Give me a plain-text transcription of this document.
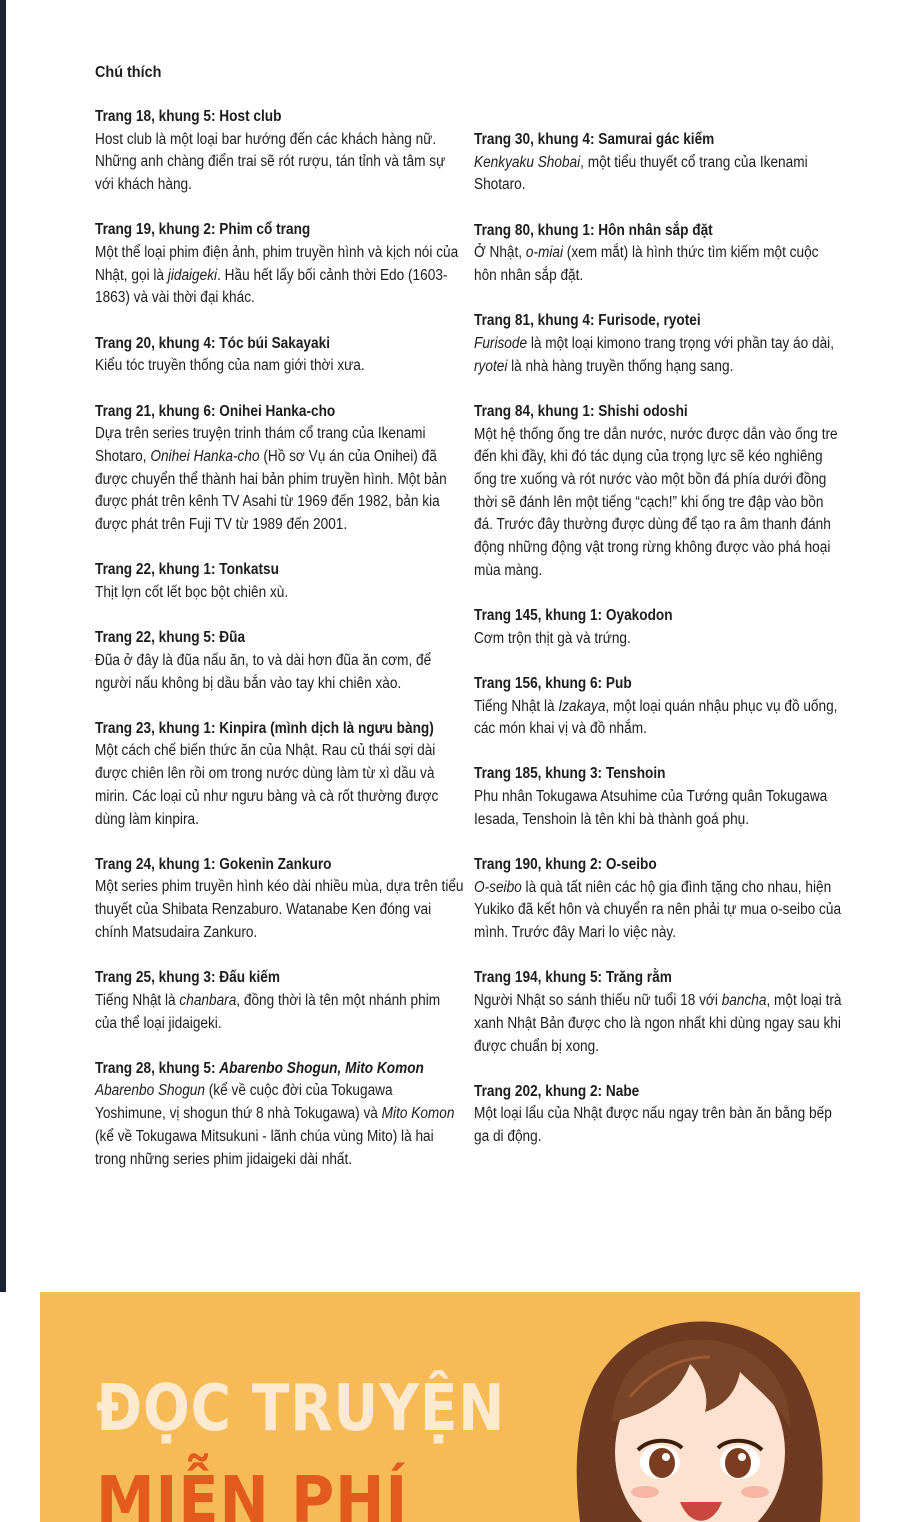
Chú thích
Trang 18, khung 5: Host club
Host club là một loại bar hướng đến các khách hàng nữ. Những anh chàng điển trai sẽ rót rượu, tán tỉnh và tâm sự với khách hàng.
Trang 19, khung 2: Phim cổ trang
Một thể loại phim điện ảnh, phim truyền hình và kịch nói của Nhật, gọi là jidaigeki. Hầu hết lấy bối cảnh thời Edo (1603-1863) và vài thời đại khác.
Trang 20, khung 4: Tóc búi Sakayaki
Kiểu tóc truyền thống của nam giới thời xưa.
Trang 21, khung 6: Onihei Hanka-cho
Dựa trên series truyện trinh thám cổ trang của Ikenami Shotaro, Onihei Hanka-cho (Hồ sơ Vụ án của Onihei) đã được chuyển thể thành hai bản phim truyền hình. Một bản được phát trên kênh TV Asahi từ 1969 đến 1982, bản kia được phát trên Fuji TV từ 1989 đến 2001.
Trang 22, khung 1: Tonkatsu
Thịt lợn cốt lết bọc bột chiên xù.
Trang 22, khung 5: Đũa
Đũa ở đây là đũa nấu ăn, to và dài hơn đũa ăn cơm, để người nấu không bị dầu bắn vào tay khi chiên xào.
Trang 23, khung 1: Kinpira (mình dịch là ngưu bàng)
Một cách chế biến thức ăn của Nhật. Rau củ thái sợi dài được chiên lên rồi om trong nước dùng làm từ xì dầu và mirin. Các loại củ như ngưu bàng và cà rốt thường được dùng làm kinpira.
Trang 24, khung 1: Gokenin Zankuro
Một series phim truyền hình kéo dài nhiều mùa, dựa trên tiểu thuyết của Shibata Renzaburo. Watanabe Ken đóng vai chính Matsudaira Zankuro.
Trang 25, khung 3: Đấu kiếm
Tiếng Nhật là chanbara, đồng thời là tên một nhánh phim của thể loại jidaigeki.
Trang 28, khung 5: Abarenbo Shogun, Mito Komon
Abarenbo Shogun (kể về cuộc đời của Tokugawa Yoshimune, vị shogun thứ 8 nhà Tokugawa) và Mito Komon (kể về Tokugawa Mitsukuni - lãnh chúa vùng Mito) là hai trong những series phim jidaigeki dài nhất.
Trang 30, khung 4: Samurai gác kiếm
Kenkyaku Shobai, một tiểu thuyết cổ trang của Ikenami Shotaro.
Trang 80, khung 1: Hôn nhân sắp đặt
Ở Nhật, o-miai (xem mắt) là hình thức tìm kiếm một cuộc hôn nhân sắp đặt.
Trang 81, khung 4: Furisode, ryotei
Furisode là một loại kimono trang trọng với phần tay áo dài, ryotei là nhà hàng truyền thống hạng sang.
Trang 84, khung 1: Shishi odoshi
Một hệ thống ống tre dẫn nước, nước được dẫn vào ống tre đến khi đầy, khi đó tác dụng của trọng lực sẽ kéo nghiêng ống tre xuống và rót nước vào một bồn đá phía dưới đồng thời sẽ đánh lên một tiếng “cạch!” khi ống tre đập vào bồn đá. Trước đây thường được dùng để tạo ra âm thanh đánh động những động vật trong rừng không được vào phá hoại mùa màng.
Trang 145, khung 1: Oyakodon
Cơm trộn thịt gà và trứng.
Trang 156, khung 6: Pub
Tiếng Nhật là Izakaya, một loại quán nhậu phục vụ đồ uống, các món khai vị và đồ nhắm.
Trang 185, khung 3: Tenshoin
Phu nhân Tokugawa Atsuhime của Tướng quân Tokugawa Iesada, Tenshoin là tên khi bà thành goá phụ.
Trang 190, khung 2: O-seibo
O-seibo là quà tất niên các hộ gia đình tặng cho nhau, hiện Yukiko đã kết hôn và chuyển ra nên phải tự mua o-seibo của mình. Trước đây Mari lo việc này.
Trang 194, khung 5: Trăng rằm
Người Nhật so sánh thiếu nữ tuổi 18 với bancha, một loại trà xanh Nhật Bản được cho là ngon nhất khi dùng ngay sau khi được chuẩn bị xong.
Trang 202, khung 2: Nabe
Một loại lẩu của Nhật được nấu ngay trên bàn ăn bằng bếp ga di động.
ĐỌC TRUYỆN
MIỄN PHÍ
